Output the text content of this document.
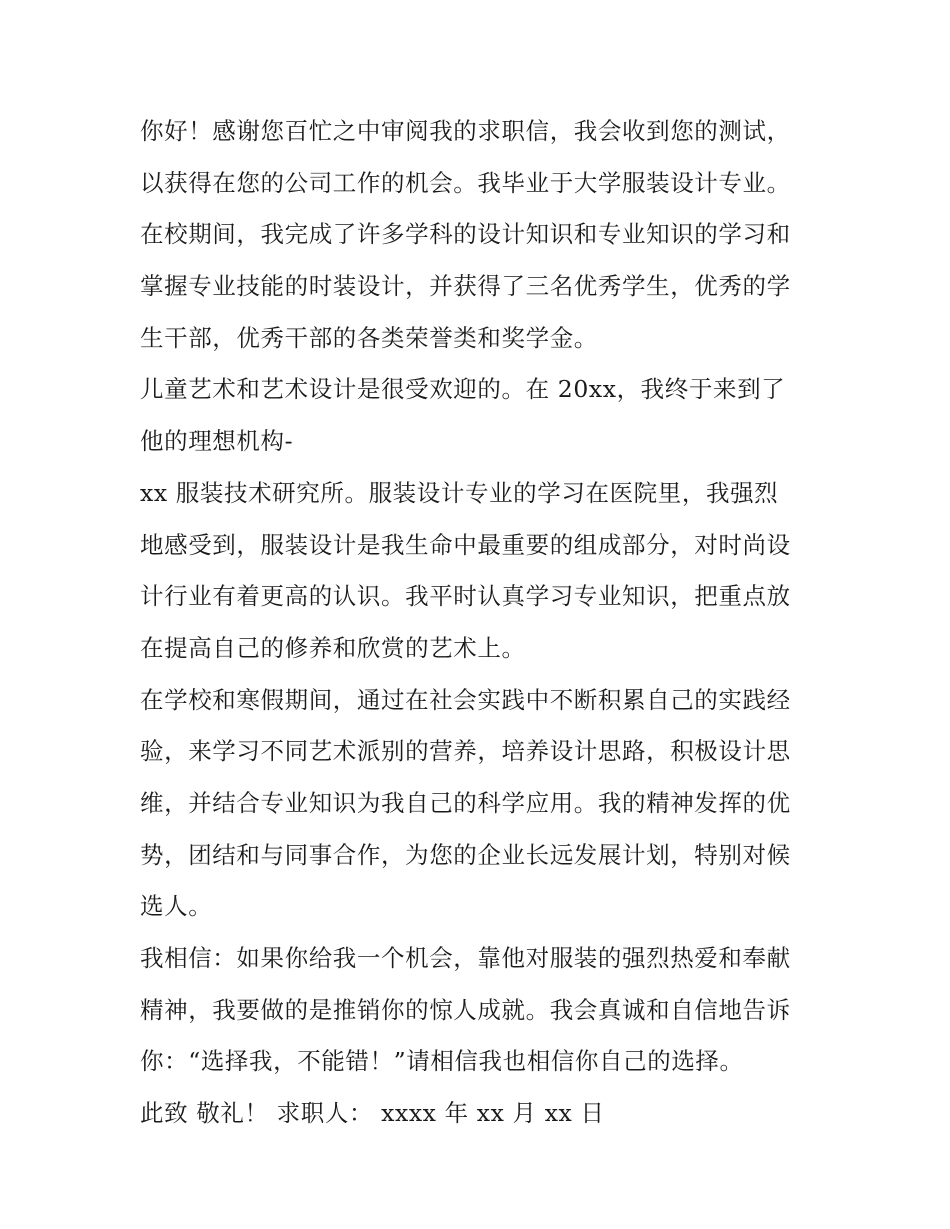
你好！感谢您百忙之中审阅我的求职信，我会收到您的测试，
以获得在您的公司工作的机会。我毕业于大学服装设计专业。
在校期间，我完成了许多学科的设计知识和专业知识的学习和
掌握专业技能的时装设计，并获得了三名优秀学生，优秀的学
生干部，优秀干部的各类荣誉类和奖学金。
儿童艺术和艺术设计是很受欢迎的。在 20xx，我终于来到了
他的理想机构-
xx 服装技术研究所。服装设计专业的学习在医院里，我强烈
地感受到，服装设计是我生命中最重要的组成部分，对时尚设
计行业有着更高的认识。我平时认真学习专业知识，把重点放
在提高自己的修养和欣赏的艺术上。
在学校和寒假期间，通过在社会实践中不断积累自己的实践经
验，来学习不同艺术派别的营养，培养设计思路，积极设计思
维，并结合专业知识为我自己的科学应用。我的精神发挥的优
势，团结和与同事合作，为您的企业长远发展计划，特别对候
选人。
我相信：如果你给我一个机会，靠他对服装的强烈热爱和奉献
精神，我要做的是推销你的惊人成就。我会真诚和自信地告诉
你：“选择我，不能错！”请相信我也相信你自己的选择。
此致 敬礼！ 求职人： xxxx 年 xx 月 xx 日
